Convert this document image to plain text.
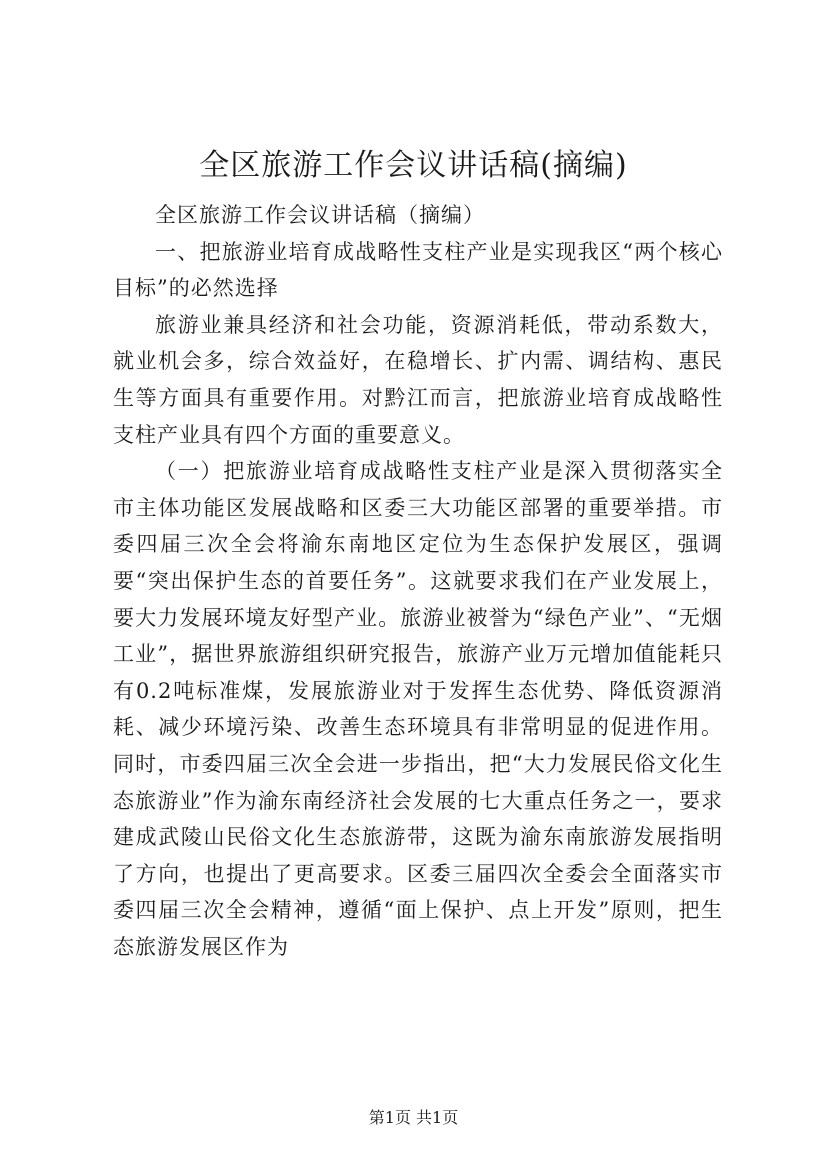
全区旅游工作会议讲话稿(摘编)

全区旅游工作会议讲话稿（摘编）

一、把旅游业培育成战略性支柱产业是实现我区“两个核心目标”的必然选择

旅游业兼具经济和社会功能，资源消耗低，带动系数大，就业机会多，综合效益好，在稳增长、扩内需、调结构、惠民生等方面具有重要作用。对黔江而言，把旅游业培育成战略性支柱产业具有四个方面的重要意义。

（一）把旅游业培育成战略性支柱产业是深入贯彻落实全市主体功能区发展战略和区委三大功能区部署的重要举措。市委四届三次全会将渝东南地区定位为生态保护发展区，强调要“突出保护生态的首要任务”。这就要求我们在产业发展上，要大力发展环境友好型产业。旅游业被誉为“绿色产业”、“无烟工业”，据世界旅游组织研究报告，旅游产业万元增加值能耗只有0.2吨标准煤，发展旅游业对于发挥生态优势、降低资源消耗、减少环境污染、改善生态环境具有非常明显的促进作用。同时，市委四届三次全会进一步指出，把“大力发展民俗文化生态旅游业”作为渝东南经济社会发展的七大重点任务之一，要求建成武陵山民俗文化生态旅游带，这既为渝东南旅游发展指明了方向，也提出了更高要求。区委三届四次全委会全面落实市委四届三次全会精神，遵循“面上保护、点上开发”原则，把生态旅游发展区作为

第1页 共1页
